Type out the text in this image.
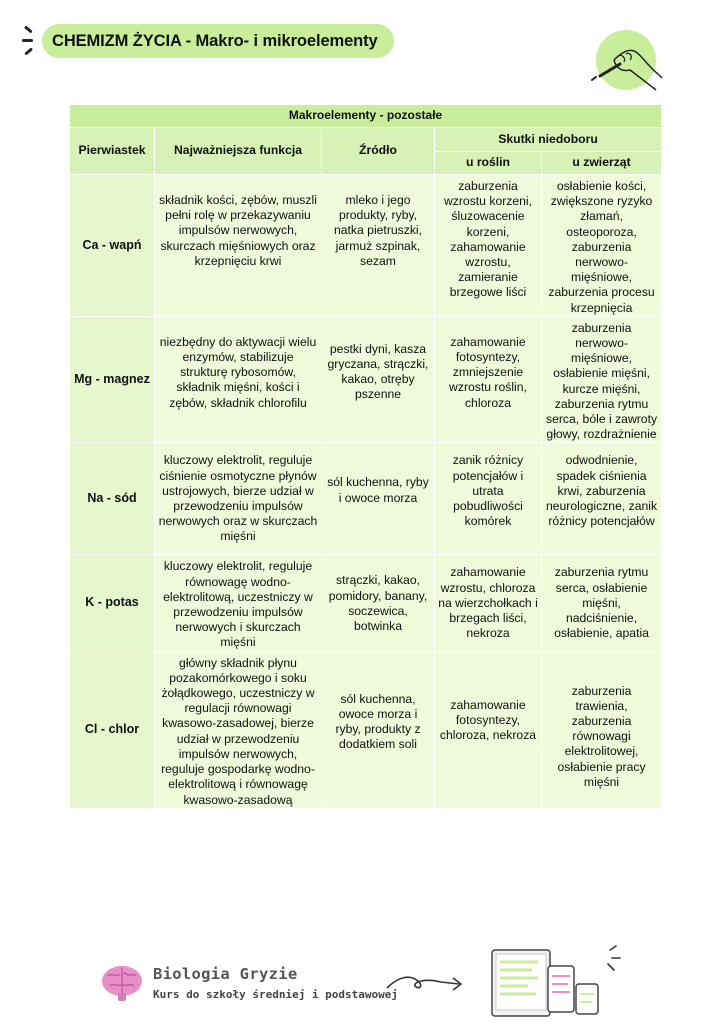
CHEMIZM ŻYCIA - Makro- i mikroelementy
Makroelementy - pozostałe				
Pierwiastek	Najważniejsza funkcja	Źródło	Skutki niedoboru	
			u roślin	u zwierząt
Ca - wapń	składnik kości, zębów, muszli pełni rolę w przekazywaniu impulsów nerwowych, skurczach mięśniowych oraz krzepnięciu krwi	mleko i jego produkty, ryby, natka pietruszki, jarmuż szpinak, sezam	zaburzenia wzrostu korzeni, śluzowacenie korzeni, zahamowanie wzrostu, zamieranie brzegowe liści	osłabienie kości, zwiększone ryzyko złamań, osteoporoza, zaburzenia nerwowo-mięśniowe, zaburzenia procesu krzepnięcia
Mg - magnez	niezbędny do aktywacji wielu enzymów, stabilizuje strukturę rybosomów, składnik mięśni, kości i zębów, składnik chlorofilu	pestki dyni, kasza gryczana, strączki, kakao, otręby pszenne	zahamowanie fotosyntezy, zmniejszenie wzrostu roślin, chloroza	zaburzenia nerwowo-mięśniowe, osłabienie mięśni, kurcze mięśni, zaburzenia rytmu serca, bóle i zawroty głowy, rozdrażnienie
Na - sód	kluczowy elektrolit, reguluje ciśnienie osmotyczne płynów ustrojowych, bierze udział w przewodzeniu impulsów nerwowych oraz w skurczach mięśni	sól kuchenna, ryby i owoce morza	zanik różnicy potencjałów i utrata pobudliwości komórek	odwodnienie, spadek ciśnienia krwi, zaburzenia neurologiczne, zanik różnicy potencjałów
K - potas	kluczowy elektrolit, reguluje równowagę wodno-elektrolitową, uczestniczy w przewodzeniu impulsów nerwowych i skurczach mięśni	strączki, kakao, pomidory, banany, soczewica, botwinka	zahamowanie wzrostu, chloroza na wierzchołkach i brzegach liści, nekroza	zaburzenia rytmu serca, osłabienie mięśni, nadciśnienie, osłabienie, apatia
Cl - chlor	główny składnik płynu pozakomórkowego i soku żołądkowego, uczestniczy w regulacji równowagi kwasowo-zasadowej, bierze udział w przewodzeniu impulsów nerwowych, reguluje gospodarkę wodno-elektrolitową i równowagę kwasowo-zasadową	sól kuchenna, owoce morza i ryby, produkty z dodatkiem soli	zahamowanie fotosyntezy, chloroza, nekroza	zaburzenia trawienia, zaburzenia równowagi elektrolitowej, osłabienie pracy mięśni
Biologia Gryzie
Kurs do szkoły średniej i podstawowej
